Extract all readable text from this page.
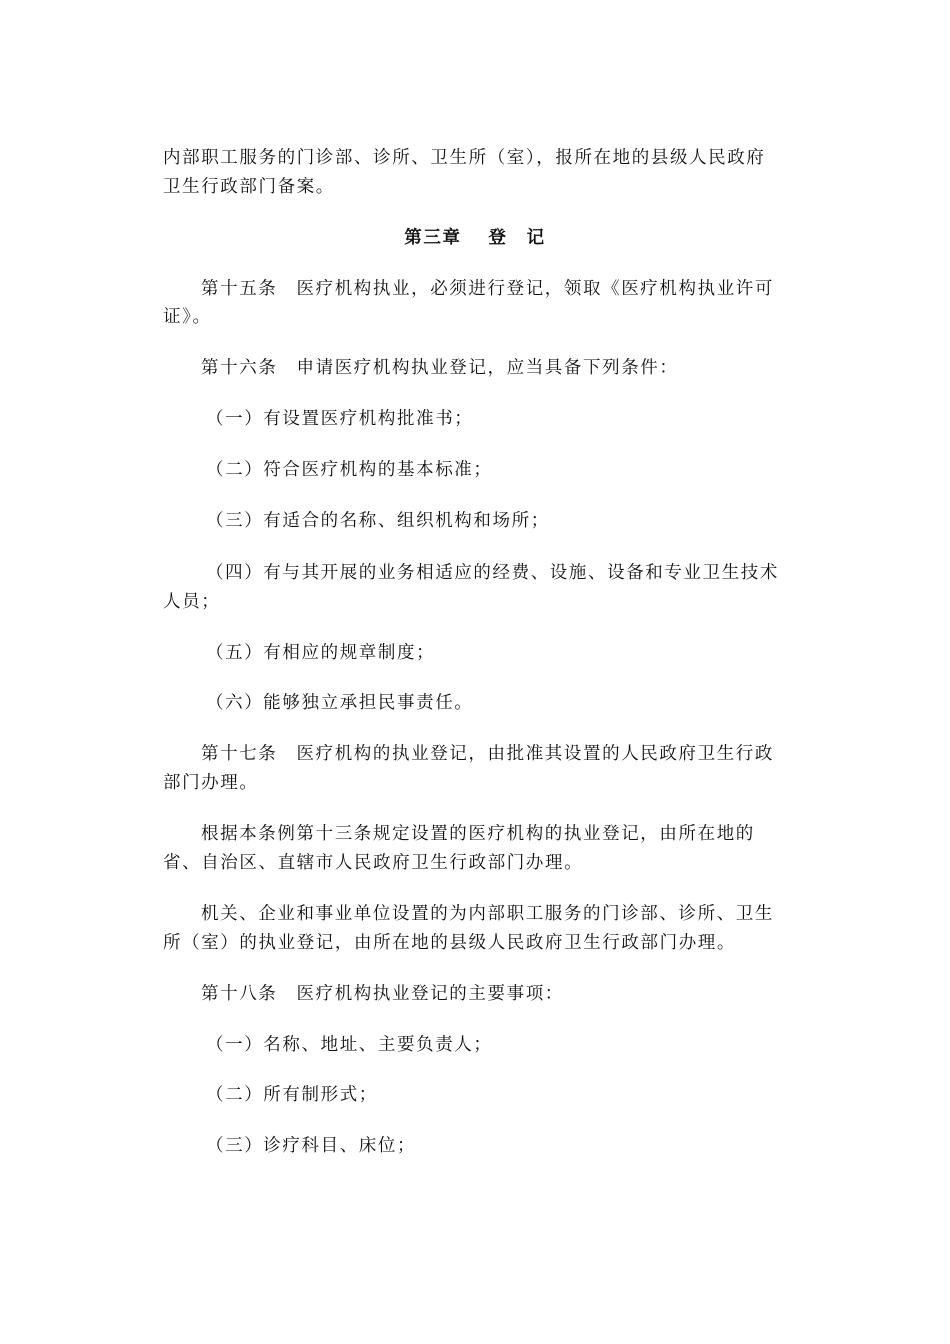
内部职工服务的门诊部、诊所、卫生所（室），报所在地的县级人民政府
卫生行政部门备案。
第三章　 登　记
第十五条　医疗机构执业，必须进行登记，领取《医疗机构执业许可
证》。
第十六条　申请医疗机构执业登记，应当具备下列条件：
（一）有设置医疗机构批准书；
（二）符合医疗机构的基本标准；
（三）有适合的名称、组织机构和场所；
（四）有与其开展的业务相适应的经费、设施、设备和专业卫生技术
人员；
（五）有相应的规章制度；
（六）能够独立承担民事责任。
第十七条　医疗机构的执业登记，由批准其设置的人民政府卫生行政
部门办理。
根据本条例第十三条规定设置的医疗机构的执业登记，由所在地的
省、自治区、直辖市人民政府卫生行政部门办理。
机关、企业和事业单位设置的为内部职工服务的门诊部、诊所、卫生
所（室）的执业登记，由所在地的县级人民政府卫生行政部门办理。
第十八条　医疗机构执业登记的主要事项：
（一）名称、地址、主要负责人；
（二）所有制形式；
（三）诊疗科目、床位；
